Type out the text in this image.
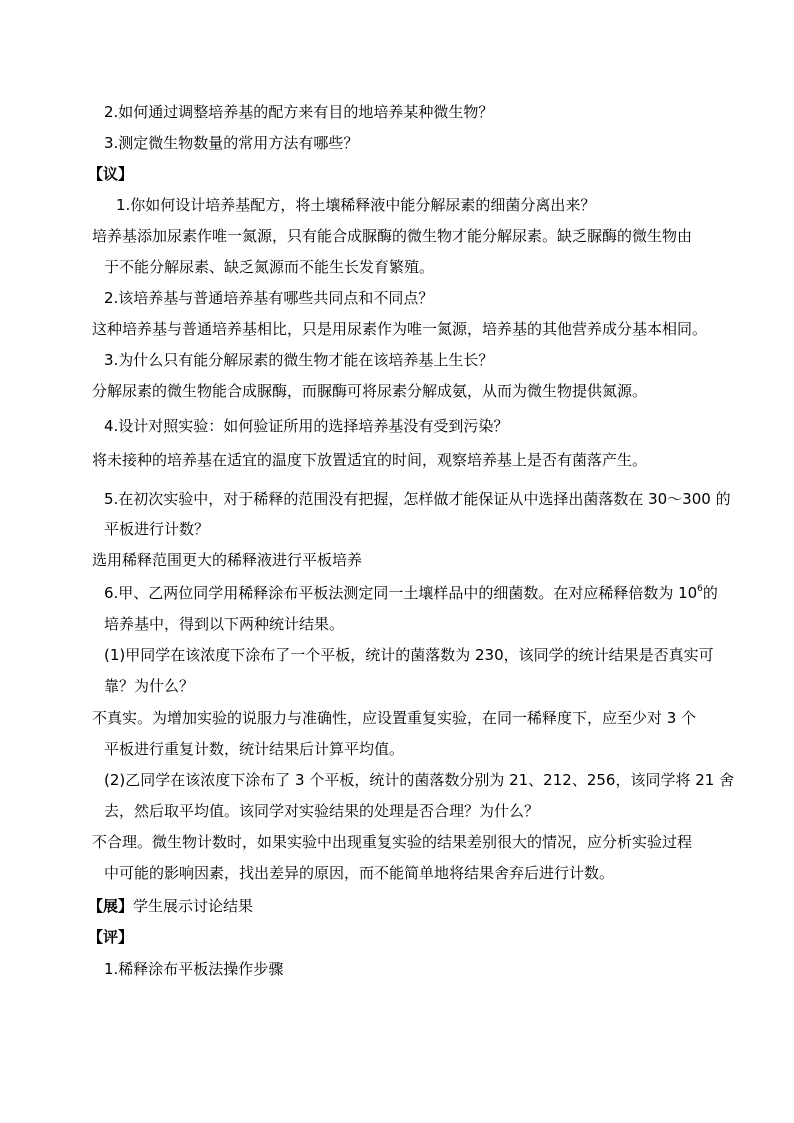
2.如何通过调整培养基的配方来有目的地培养某种微生物？
3.测定微生物数量的常用方法有哪些？
【议】
1.你如何设计培养基配方，将土壤稀释液中能分解尿素的细菌分离出来？
培养基添加尿素作唯一氮源，只有能合成脲酶的微生物才能分解尿素。缺乏脲酶的微生物由
于不能分解尿素、缺乏氮源而不能生长发育繁殖。
2.该培养基与普通培养基有哪些共同点和不同点？
这种培养基与普通培养基相比，只是用尿素作为唯一氮源，培养基的其他营养成分基本相同。
3.为什么只有能分解尿素的微生物才能在该培养基上生长？
分解尿素的微生物能合成脲酶，而脲酶可将尿素分解成氨，从而为微生物提供氮源。
4.设计对照实验：如何验证所用的选择培养基没有受到污染？
将未接种的培养基在适宜的温度下放置适宜的时间，观察培养基上是否有菌落产生。
5.在初次实验中，对于稀释的范围没有把握，怎样做才能保证从中选择出菌落数在 30～300 的
平板进行计数？
选用稀释范围更大的稀释液进行平板培养
6.甲、乙两位同学用稀释涂布平板法测定同一土壤样品中的细菌数。在对应稀释倍数为 $10^6$的
培养基中，得到以下两种统计结果。
(1)甲同学在该浓度下涂布了一个平板，统计的菌落数为 230，该同学的统计结果是否真实可
靠？为什么？
不真实。为增加实验的说服力与准确性，应设置重复实验，在同一稀释度下，应至少对 3 个
平板进行重复计数，统计结果后计算平均值。
(2)乙同学在该浓度下涂布了 3 个平板，统计的菌落数分别为 21、212、256，该同学将 21 舍
去，然后取平均值。该同学对实验结果的处理是否合理？为什么？
不合理。微生物计数时，如果实验中出现重复实验的结果差别很大的情况，应分析实验过程
中可能的影响因素，找出差异的原因，而不能简单地将结果舍弃后进行计数。
【展】学生展示讨论结果
【评】
1.稀释涂布平板法操作步骤
